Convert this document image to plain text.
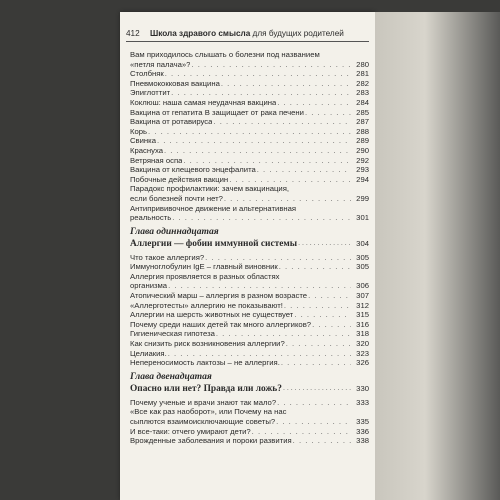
412 Школа здравого смысла для будущих родителей
Вам приходилось слышать о болезни под названием
«петля палача»? . . .	280
Столбняк . . .	281
Пневмококковая вакцина . . .	282
Эпиглоттит . . .	283
Коклюш: наша самая неудачная вакцина . . .	284
Вакцина от гепатита В защищает от рака печени . . .	285
Вакцина от ротавируса . . .	287
Корь . . .	288
Свинка . . .	289
Краснуха . . .	290
Ветряная оспа . . .	292
Вакцина от клещевого энцефалита . . .	293
Побочные действия вакцин . . .	294
Парадокс профилактики: зачем вакцинация,
если болезней почти нет? . . .	299
Антипрививочное движение и альтернативная
реальность . . .	301
Глава одиннадцатая
Аллергии — фобии иммунной системы . . .	304
Что такое аллергия? . . .	305
Иммуноглобулин IgE – главный виновник . . .	305
Аллергия проявляется в разных областях
организма . . .	306
Атопический марш – аллергия в разном возрасте . . .	307
«Аллерготесты» аллергию не показывают! . . .	312
Аллергии на шерсть животных не существует . . .	315
Почему среди наших детей так много аллергиков? . . .	316
Гигиеническая гипотеза . . .	318
Как снизить риск возникновения аллергии? . . .	320
Целиакия. . . .	323
Непереносимость лактозы – не аллергия. . . .	326
Глава двенадцатая
Опасно или нет? Правда или ложь? . . .	330
Почему ученые и врачи знают так мало? . . .	333
«Все как раз наоборот», или Почему на нас
сыплются взаимоисключающие советы? . . .	335
И все-таки: отчего умирают дети? . . .	336
Врожденные заболевания и пороки развития . . .	338
